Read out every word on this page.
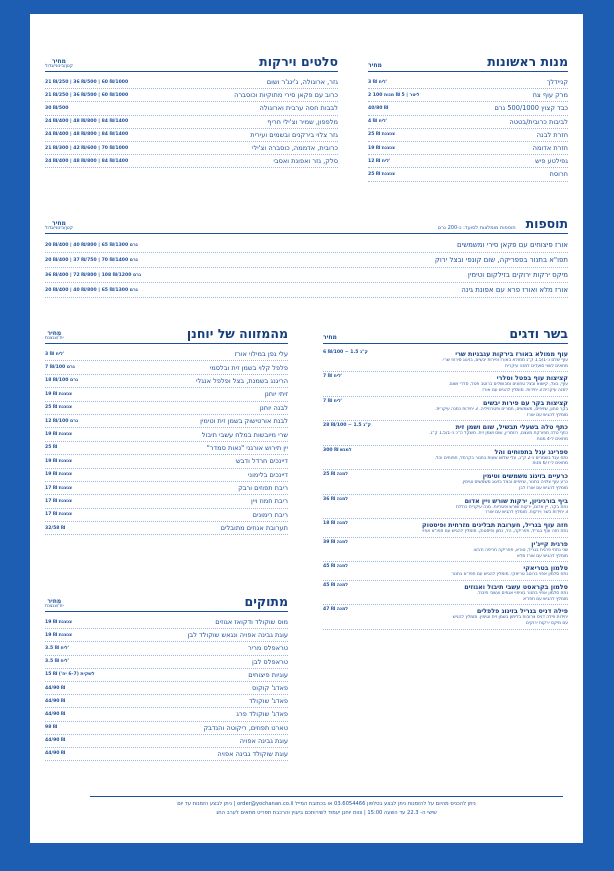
מנות ראשונות
מחיר
קניידלך
3 ₪ ליח'
מרק עוף צח
2 ליטר | 5 ₪ מנות 100
כבד קצוץ 500/1000 גרם
40/80 ₪
לביבות כרובית/בטטה
4 ₪ ליח'
חזרת לבנה
25 ₪ צנצנת
חזרת אדומה
19 ₪ צנצנת
גפילטע פיש
12 ₪ ליח'
חרוסת
25 ₪ צנצנת
סלטים וירקות
מחיר
קטן/בינוני/גדול
גזר, ארוגולה, ג'ינג'ר ושום
21 ₪/250 | 36 ₪/500 | 60 ₪/1000
כרוב עם פקאן סירי מתוקיות וכוסברה
21 ₪/250 | 36 ₪/500 | 60 ₪/1000
לבבות חסה ערבית וארוגולה
30 ₪/500
מלפפון, שמיר וצ'ילי חריף
24 ₪/400 | 48 ₪/800 | 84 ₪/1400
גזר צלוי בירקנים ובשמים ועירית
24 ₪/400 | 48 ₪/800 | 84 ₪/1400
כרובית, אדממה, כוסברה וצ'ילי
21 ₪/300 | 42 ₪/600 | 70 ₪/1000
סלק, גזר ואפונת ואסבי
24 ₪/400 | 48 ₪/800 | 84 ₪/1400
תוספות
תוספות מומלצות לסועד: כ-200 גרם
מחיר
קטן/בינוני/גדול
אורז פיצוחים עם פקאן סירי ומשמשים
20 ₪/400 | 40 ₪/800 | 65 ₪/1300 גרם
תפו"א בתנור בפפריקה, שום קונפי ובצל ירוק
20 ₪/400 | 37 ₪/750 | 70 ₪/1400 גרם
מיקס ירקות ירוקים בזילקום וטימין
36 ₪/400 | 72 ₪/800 | 108 ₪/1200 גרם
אורז מלא ואורז פרא עם אפונת גינה
20 ₪/400 | 40 ₪/800 | 65 ₪/1300 גרם
בשר ודגים
מחיר
עוף ממולא באורז בירקות עגבניות שרי
6 ₪/100 ~ 1.5 ק"ג
עוף שלם כ-1.5/1 ק"ג ממולא באורז ופירות יבשים, בזיגוג סירופ שרי.
מתאים לשני סועדים למנה עיקרית
קציצות עוף בפטל וסלרי
7 ₪ ליח'
עוף, בצל, קישוא ובצל טחונים ומבושלים ברוטב פטל, סלרי ושום.
למנה עיקרית 3 יחידות. מומלץ להגיש עם אורז
קציצות בקר עם פירות יבשים
7 ₪ ליח'
בקר טחון, שזיפים, משמשים, תמרים ופטרוזיליה. 3 יחידות כמנה עיקרית.
מומלץ להגיש עם אורז
כתף טלה בשעלי תבשיל, שום ושמן זית
28 ₪/100 ~ 1.5 ק"ג
כתף טלה מפורקת מעצם, רוזמרין, שום ושמן זית. משקל ה"כ כ-1.5/1 ק"ג.
מתאים ל-4 מנות
ספרינג עגל בתפוחים והל
300 ₪ למגש
נתח עגל בשמרים כ-2 ק"ג, עלי שלוש שעות בתנור בקרמל, תפוחים והל.
מתאים ל-6/7 מנות
כרעיים בזיגוג משמשים וטימין
25 ₪ למנה
כרע עוף צלויה בתנור, שזיפים ובצל בזיגוג משמשים וטימין.
מומלץ להגיש עם אורז לבן
ביף בורגיניון, ירקות שורש ויין אדום
36 ₪ למנה
נתח בקר, יין אדום, ירקות שורש ופטריות. מנה עיקרית כוללת
3 יחידות בשר וירקות. מומלץ להגיש עם אורז
חזה עוף בגריל, חערובת תבלינים מזרחית ופיסטוק
18 ₪ למנה
נתח חזה עוף בגריל, פפריקה, הל, כמון ופיסטוק. מומלץ להגיש עם תפו"א אפוי
פרגית קייג'ין
39 ₪ למנה
שני נתחי פרגית בגריל, טורא, פפריקה חריפה ודבש.
מומלץ להגיש עם אורז מלא
סלמון בטריאקי
45 ₪ למנה
נתח סלמון אפוי ברוטב טריאקי. מומלץ להגיש עם תפו"א בתנור
סלמון בקראסט עשבי תיבול ואגוזים
45 ₪ למנה
נתח סלמון אפוי בתנור בציפוי אגוזים ועשבי תיבול.
מומלץ להגיש עם תפו"א
פילה דניס בגריל בזיגוג פלפלים
47 ₪ למנה
יחידות פילה דניס צרובות בלימון בשמן זית וטימין. מומלץ להגיש
עם מיקס ירקות ירוקים
מהמזווה של יוחנן
מחיר
יח'/צנצנת
עלי גפן במילוי אורז
3 ₪ ליח'
פלפל קלוי בשמן זית ובלסמי
7 ₪/100 גרם
הריגנג בשמנת, בצל ופלפל אנגלי
18 ₪/100 גרם
זיתי יוחנן
19 ₪ צנצנת
לבנה יוחנן
25 ₪ צנצנת
לבנת אורטישוק בשמן זית וטימין
12 ₪/100 גרם
שרי מיובשות במלח עשבי תיבול
19 ₪ צנצנת
יין תירוש אורגני "נאות סמדר"
25 ₪
דיינכים חרדל ודבש
19 ₪ צנצנת
דיינכים בלימוני
19 ₪ צנצנת
ריבת תפוזים ורבק
17 ₪ צנצנת
ריבת חמוז ויין
17 ₪ צנצנת
ריבת רימונים
17 ₪ צנצנת
תערובת אגוזים מתובלים
32/58 ₪
מתוקים
מחיר
יח'/צנצנת
מוס שוקולד ודקואז אגוזים
19 ₪ צנצנת
עוגת גבינה אפויה ונגאש שוקולד לבן
19 ₪ צנצנת
טראפלס מריר
3.5 ₪ ליח'
טראפלס לבן
3.5 ₪ ליח'
עוגיות פיצוחים
15 ₪ לשקית (6-7 יח')
פאדג' קוקוס
44/90 ₪
פאדג' שוקולד
44/90 ₪
פאדג' שוקולד פרג
44/90 ₪
טארט תפוזים, ריקוטה והנדבק
98 ₪
עוגת גבינה אפויה
44/90 ₪
עוגת שוקולד גבינה אפויה
44/90 ₪
ניתן להכניס מהיום על להזמנות ניתן לבצע בטלפון 03.6054466 או בכתובת המייל order@yochanan.co.il | ניתן לבצע הזמנות עד יום
שישי ה- 22.3 עד השעה 15:00 | צוות יוחנן יעמוד לשירותכם ביעוץ והרכבת תפריט מתאים לערב החג
